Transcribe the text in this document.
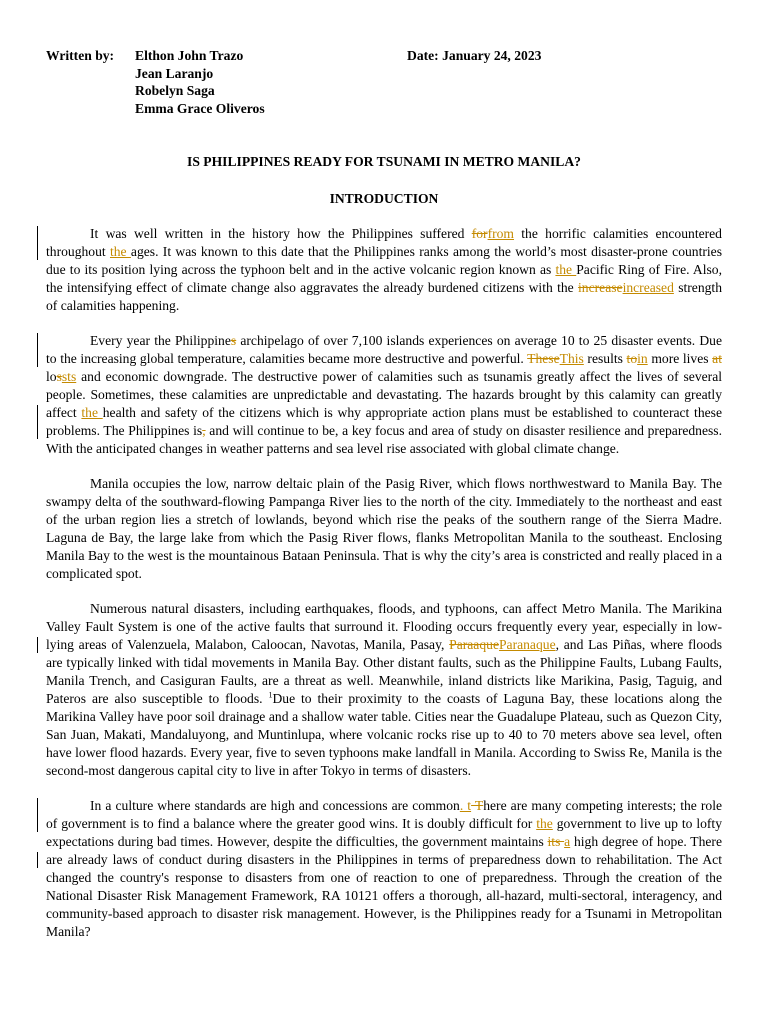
Written by:	Elthon John Trazo
Jean Laranjo
Robelyn Saga
Emma Grace Oliveros
Date: January 24, 2023
IS PHILIPPINES READY FOR TSUNAMI IN METRO MANILA?
INTRODUCTION

It was well written in the history how the Philippines suffered forfrom the horrific calamities encountered throughout the ages. It was known to this date that the Philippines ranks among the world’s most disaster-prone countries due to its position lying across the typhoon belt and in the active volcanic region known as the Pacific Ring of Fire. Also, the intensifying effect of climate change also aggravates the already burdened citizens with the increaseincreased strength of calamities happening.

Every year the Philippines archipelago of over 7,100 islands experiences on average 10 to 25 disaster events. Due to the increasing global temperature, calamities became more destructive and powerful. TheseThis results toin more lives at lossts and economic downgrade. The destructive power of calamities such as tsunamis greatly affect the lives of several people. Sometimes, these calamities are unpredictable and devastating. The hazards brought by this calamity can greatly affect the health and safety of the citizens which is why appropriate action plans must be established to counteract these problems. The Philippines is, and will continue to be, a key focus and area of study on disaster resilience and preparedness. With the anticipated changes in weather patterns and sea level rise associated with global climate change.

Manila occupies the low, narrow deltaic plain of the Pasig River, which flows northwestward to Manila Bay. The swampy delta of the southward-flowing Pampanga River lies to the north of the city. Immediately to the northeast and east of the urban region lies a stretch of lowlands, beyond which rise the peaks of the southern range of the Sierra Madre. Laguna de Bay, the large lake from which the Pasig River flows, flanks Metropolitan Manila to the southeast. Enclosing Manila Bay to the west is the mountainous Bataan Peninsula. That is why the city’s area is constricted and really placed in a complicated spot.

Numerous natural disasters, including earthquakes, floods, and typhoons, can affect Metro Manila. The Marikina Valley Fault System is one of the active faults that surround it. Flooding occurs frequently every year, especially in low-lying areas of Valenzuela, Malabon, Caloocan, Navotas, Manila, Pasay, ParaaqueParanaque, and Las Piñas, where floods are typically linked with tidal movements in Manila Bay. Other distant faults, such as the Philippine Faults, Lubang Faults, Manila Trench, and Casiguran Faults, are a threat as well. Meanwhile, inland districts like Marikina, Pasig, Taguig, and Pateros are also susceptible to floods. $^1$Due to their proximity to the coasts of Laguna Bay, these locations along the Marikina Valley have poor soil drainage and a shallow water table. Cities near the Guadalupe Plateau, such as Quezon City, San Juan, Makati, Mandaluyong, and Muntinlupa, where volcanic rocks rise up to 40 to 70 meters above sea level, often have lower flood hazards. Every year, five to seven typhoons make landfall in Manila. According to Swiss Re, Manila is the second-most dangerous capital city to live in after Tokyo in terms of disasters.

In a culture where standards are high and concessions are common. t There are many competing interests; the role of government is to find a balance where the greater good wins. It is doubly difficult for the government to live up to lofty expectations during bad times. However, despite the difficulties, the government maintains its a high degree of hope. There are already laws of conduct during disasters in the Philippines in terms of preparedness down to rehabilitation. The Act changed the country's response to disasters from one of reaction to one of preparedness. Through the creation of the National Disaster Risk Management Framework, RA 10121 offers a thorough, all-hazard, multi-sectoral, interagency, and community-based approach to disaster risk management. However, is the Philippines ready for a Tsunami in Metropolitan Manila?
